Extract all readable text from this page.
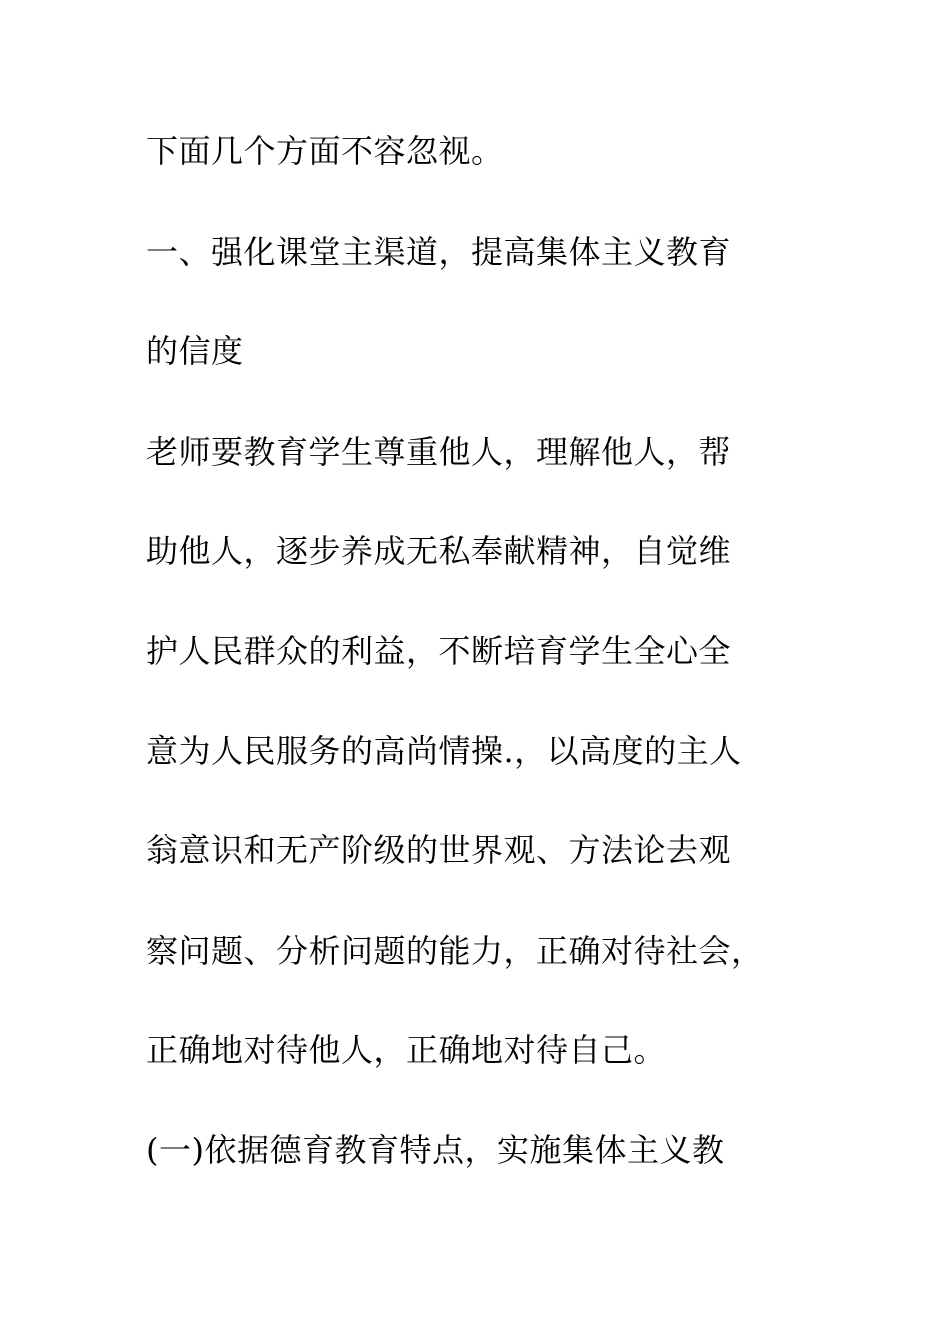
下面几个方面不容忽视。
一、强化课堂主渠道，提高集体主义教育
的信度
老师要教育学生尊重他人，理解他人，帮
助他人，逐步养成无私奉献精神，自觉维
护人民群众的利益，不断培育学生全心全
意为人民服务的高尚情操.，以高度的主人
翁意识和无产阶级的世界观、方法论去观
察问题、分析问题的能力，正确对待社会，
正确地对待他人，正确地对待自己。
(一)依据德育教育特点，实施集体主义教
